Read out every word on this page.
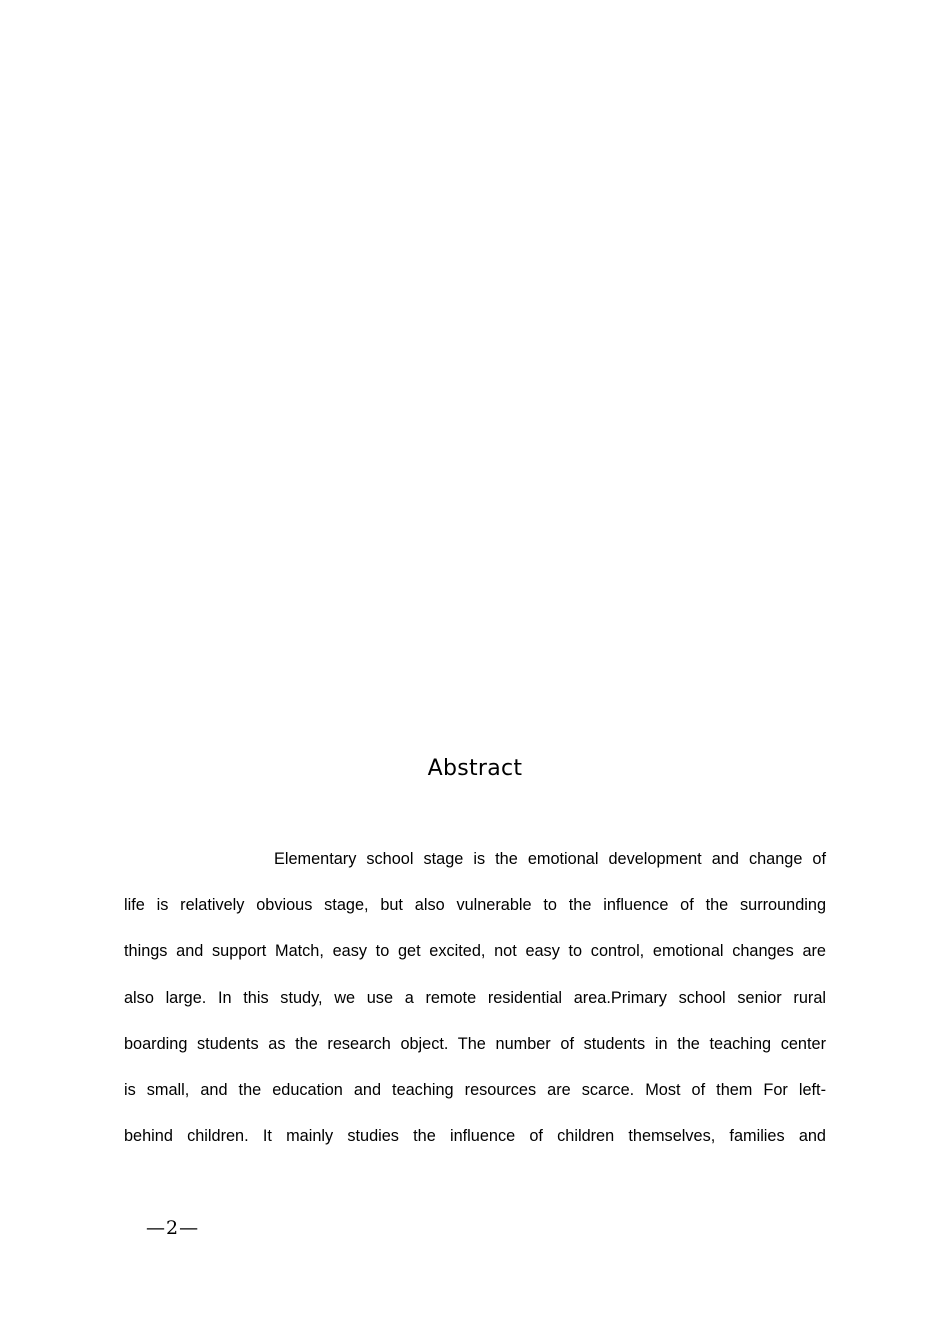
Abstract
Elementary school stage is the emotional development and change of
life is relatively obvious stage, but also vulnerable to the influence of the surrounding
things and support Match, easy to get excited, not easy to control, emotional changes are
also large. In this study, we use a remote residential area.Primary school senior rural
boarding students as the research object. The number of students in the teaching center
is small, and the education and teaching resources are scarce. Most of them For left-
behind children. It mainly studies the influence of children themselves, families and
—2—
